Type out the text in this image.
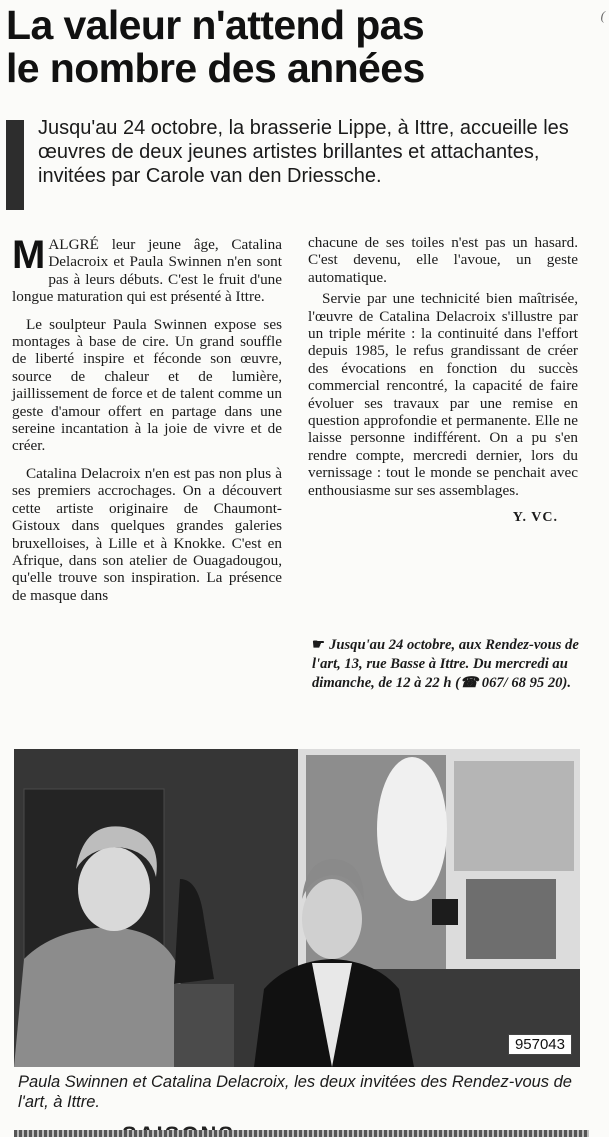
(
La valeur n'attend pas
le nombre des années
Jusqu'au 24 octobre, la brasserie Lippe, à Ittre, accueille les œuvres de deux jeunes artistes brillantes et attachantes, invitées par Carole van den Driessche.

MALGRÉ leur jeune âge, Catalina Delacroix et Paula Swinnen n'en sont pas à leurs débuts. C'est le fruit d'une longue maturation qui est présenté à Ittre.

Le soulpteur Paula Swinnen expose ses montages à base de cire. Un grand souffle de liberté inspire et féconde son œuvre, source de chaleur et de lumière, jaillissement de force et de talent comme un geste d'amour offert en partage dans une sereine incantation à la joie de vivre et de créer.

Catalina Delacroix n'en est pas non plus à ses premiers accrochages. On a découvert cette artiste originaire de Chaumont-Gistoux dans quelques grandes galeries bruxelloises, à Lille et à Knokke. C'est en Afrique, dans son atelier de Ouagadougou, qu'elle trouve son inspiration. La présence de masque dans

chacune de ses toiles n'est pas un hasard. C'est devenu, elle l'avoue, un geste automatique.

Servie par une technicité bien maîtrisée, l'œuvre de Catalina Delacroix s'illustre par un triple mérite : la continuité dans l'effort depuis 1985, le refus grandissant de créer des évocations en fonction du succès commercial rencontré, la capacité de faire évoluer ses travaux par une remise en question approfondie et permanente. Elle ne laisse personne indifférent. On a pu s'en rendre compte, mercredi dernier, lors du vernissage : tout le monde se penchait avec enthousiasme sur ses assemblages.

Y. VC.
☛ Jusqu'au 24 octobre, aux Rendez-vous de l'art, 13, rue Basse à Ittre. Du mercredi au dimanche, de 12 à 22 h (☎ 067/ 68 95 20).
957043
Paula Swinnen et Catalina Delacroix, les deux invitées des Rendez-vous de l'art, à Ittre.
